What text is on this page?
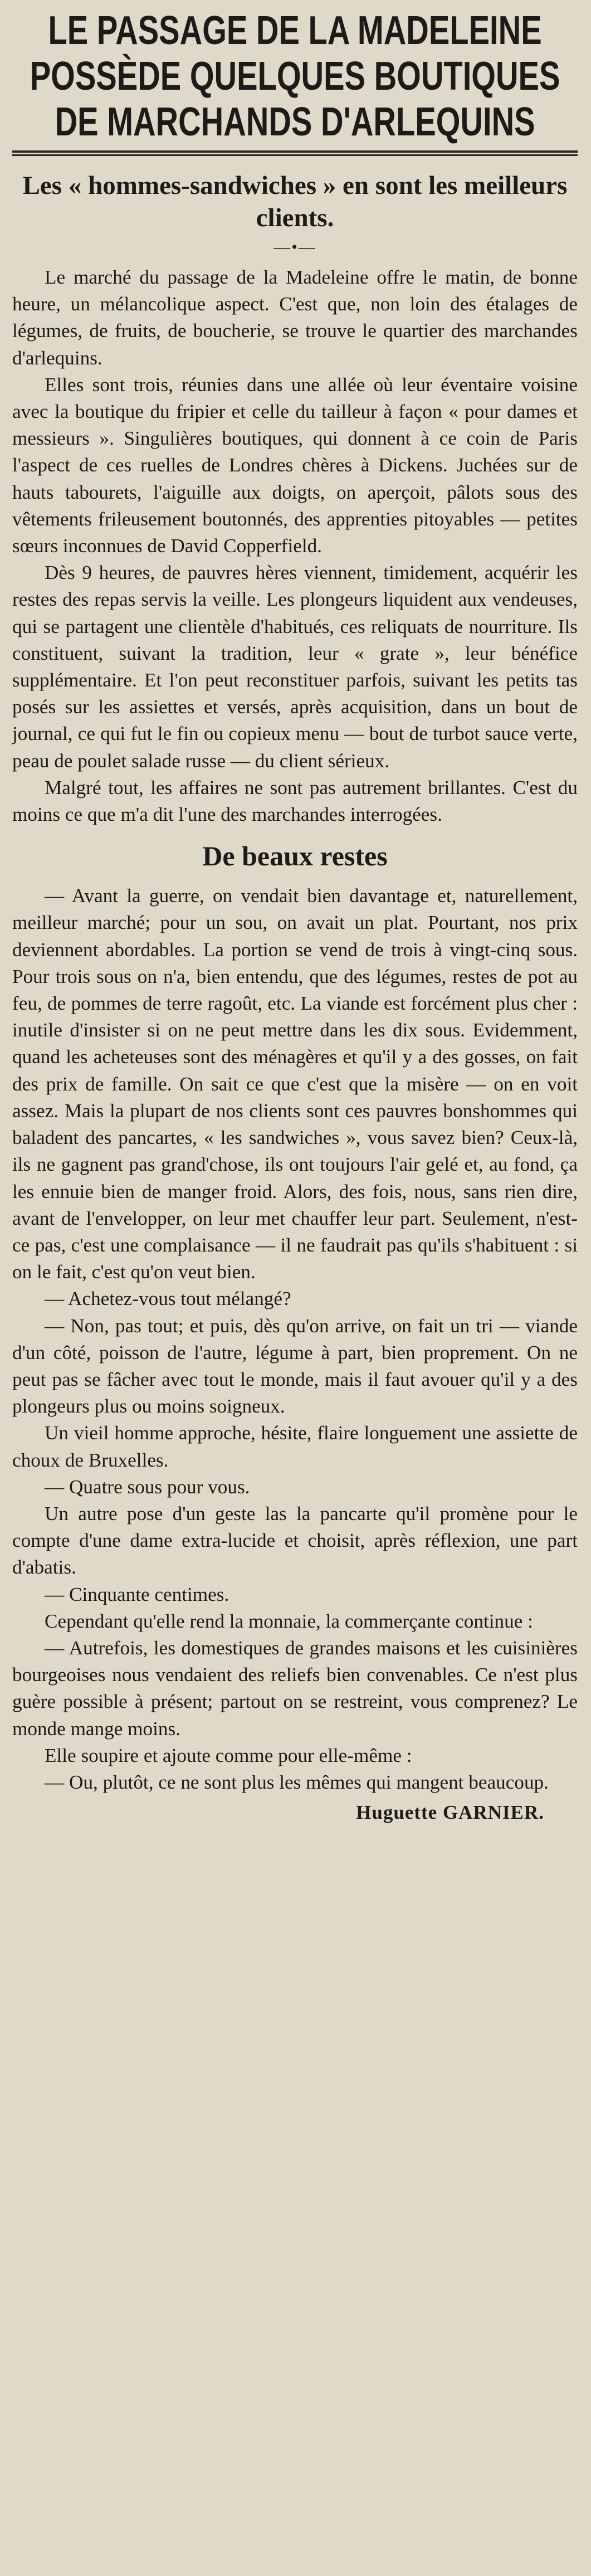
LE PASSAGE DE LA MADELEINE
POSSÈDE QUELQUES BOUTIQUES
DE MARCHANDS D'ARLEQUINS
Les « hommes-sandwiches » en sont les meilleurs clients.
—•—

Le marché du passage de la Madeleine offre le matin, de bonne heure, un mélancolique aspect. C'est que, non loin des étalages de légumes, de fruits, de boucherie, se trouve le quartier des marchandes d'arlequins.

Elles sont trois, réunies dans une allée où leur éventaire voisine avec la boutique du fripier et celle du tailleur à façon « pour dames et messieurs ». Singulières boutiques, qui donnent à ce coin de Paris l'aspect de ces ruelles de Londres chères à Dickens. Juchées sur de hauts tabourets, l'aiguille aux doigts, on aperçoit, pâlots sous des vêtements frileusement boutonnés, des apprenties pitoyables — petites sœurs inconnues de David Copperfield.

Dès 9 heures, de pauvres hères viennent, timidement, acquérir les restes des repas servis la veille. Les plongeurs liquident aux vendeuses, qui se partagent une clientèle d'habitués, ces reliquats de nourriture. Ils constituent, suivant la tradition, leur « grate », leur bénéfice supplémentaire. Et l'on peut reconstituer parfois, suivant les petits tas posés sur les assiettes et versés, après acquisition, dans un bout de journal, ce qui fut le fin ou copieux menu — bout de turbot sauce verte, peau de poulet salade russe — du client sérieux.

Malgré tout, les affaires ne sont pas autrement brillantes. C'est du moins ce que m'a dit l'une des marchandes interrogées.

De beaux restes

— Avant la guerre, on vendait bien davantage et, naturellement, meilleur marché; pour un sou, on avait un plat. Pourtant, nos prix deviennent abordables. La portion se vend de trois à vingt-cinq sous. Pour trois sous on n'a, bien entendu, que des légumes, restes de pot au feu, de pommes de terre ragoût, etc. La viande est forcément plus cher : inutile d'insister si on ne peut mettre dans les dix sous. Evidemment, quand les acheteuses sont des ménagères et qu'il y a des gosses, on fait des prix de famille. On sait ce que c'est que la misère — on en voit assez. Mais la plupart de nos clients sont ces pauvres bonshommes qui baladent des pancartes, « les sandwiches », vous savez bien? Ceux-là, ils ne gagnent pas grand'chose, ils ont toujours l'air gelé et, au fond, ça les ennuie bien de manger froid. Alors, des fois, nous, sans rien dire, avant de l'envelopper, on leur met chauffer leur part. Seulement, n'est-ce pas, c'est une complaisance — il ne faudrait pas qu'ils s'habituent : si on le fait, c'est qu'on veut bien.

— Achetez-vous tout mélangé?

— Non, pas tout; et puis, dès qu'on arrive, on fait un tri — viande d'un côté, poisson de l'autre, légume à part, bien proprement. On ne peut pas se fâcher avec tout le monde, mais il faut avouer qu'il y a des plongeurs plus ou moins soigneux.

Un vieil homme approche, hésite, flaire longuement une assiette de choux de Bruxelles.

— Quatre sous pour vous.

Un autre pose d'un geste las la pancarte qu'il promène pour le compte d'une dame extra-lucide et choisit, après réflexion, une part d'abatis.

— Cinquante centimes.

Cependant qu'elle rend la monnaie, la commerçante continue :

— Autrefois, les domestiques de grandes maisons et les cuisinières bourgeoises nous vendaient des reliefs bien convenables. Ce n'est plus guère possible à présent; partout on se restreint, vous comprenez? Le monde mange moins.

Elle soupire et ajoute comme pour elle-même :

— Ou, plutôt, ce ne sont plus les mêmes qui mangent beaucoup.

Huguette GARNIER.
